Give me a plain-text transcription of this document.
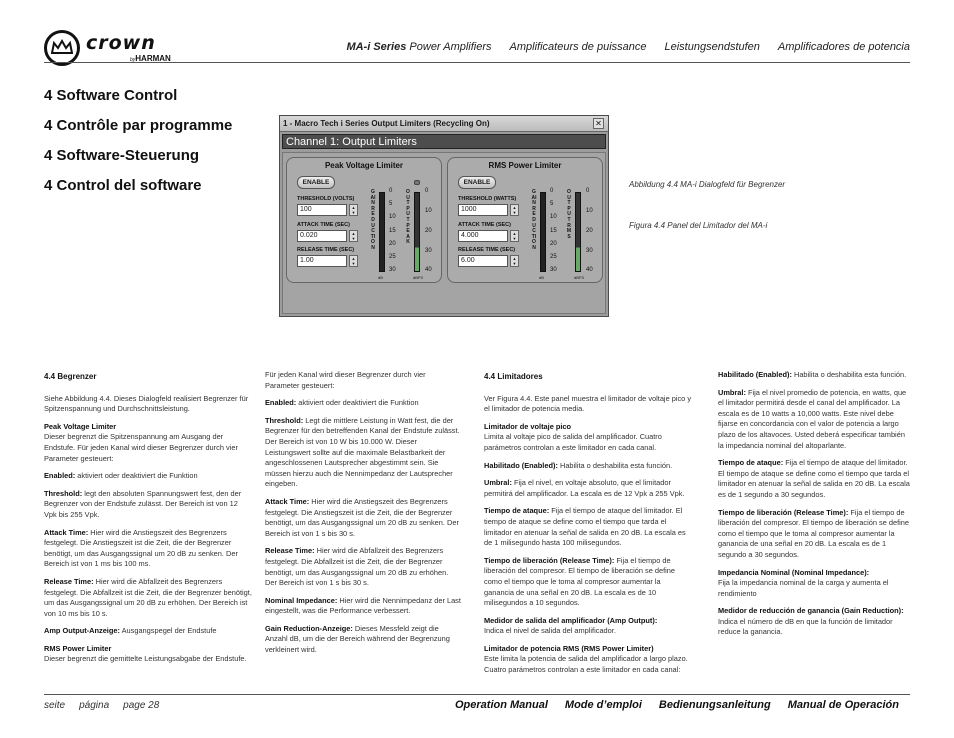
crown
byHARMAN
MA-i Series Power Amplifiers Amplificateurs de puissance Leistungsendstufen Amplificadores de potencia
4 Software Control
4 Contrôle par programme
4 Software-Steuerung
4 Control del software
1 - Macro Tech i Series Output Limiters (Recycling On)	✕
Channel 1: Output Limiters
Peak Voltage Limiter
ENABLE
THRESHOLD (VOLTS)
100	▲
▼
ATTACK TIME (SEC)
0.020	▲
▼
RELEASE TIME (SEC)
1.00	▲
▼
GAIN REDUCTION
0
5
10
15
20
25
30
dB
OUTPUT PEAK
0
10
20
30
40
dBFS
RMS Power Limiter
ENABLE
THRESHOLD (WATTS)
1000	▲
▼
ATTACK TIME (SEC)
4.000	▲
▼
RELEASE TIME (SEC)
6.00	▲
▼
GAIN REDUCTION
0
5
10
15
20
25
30
dB
OUTPUT RMS
0
10
20
30
40
dBFS
Abbildung 4.4 MA-i Dialogfeld für Begrenzer
Figura 4.4 Panel del Limitador del MA-i

4.4 Begrenzer

Siehe Abbildung 4.4. Dieses Dialogfeld realisiert Begrenzer für Spitzenspannung und Durchschnittsleistung.

Peak Voltage Limiter
Dieser begrenzt die Spitzenspannung am Ausgang der Endstufe. Für jeden Kanal wird dieser Begrenzer durch vier Parameter gesteuert:

Enabled: aktiviert oder deaktiviert die Funktion

Threshold: legt den absoluten Spannungswert fest, den der Begrenzer von der Endstufe zulässt. Der Bereich ist von 12 Vpk bis 255 Vpk.

Attack Time: Hier wird die Anstiegszeit des Begrenzers festgelegt. Die Anstiegszeit ist die Zeit, die der Begrenzer benötigt, um das Ausgangssignal um 20 dB zu senken. Der Bereich ist von 1 ms bis 100 ms.

Release Time: Hier wird die Abfallzeit des Begrenzers festgelegt. Die Abfallzeit ist die Zeit, die der Begrenzer benötigt, um das Ausgangssignal um 20 dB zu erhöhen. Der Bereich ist von 10 ms bis 10 s.

Amp Output-Anzeige: Ausgangspegel der Endstufe

RMS Power Limiter
Dieser begrenzt die gemittelte Leistungsabgabe der Endstufe.

Für jeden Kanal wird dieser Begrenzer durch vier Parameter gesteuert:

Enabled: aktiviert oder deaktiviert die Funktion

Threshold: Legt die mittlere Leistung in Watt fest, die der Begrenzer für den betreffenden Kanal der Endstufe zulässt. Der Bereich ist von 10 W bis 10.000 W. Dieser Leistungswert sollte auf die maximale Belastbarkeit der angeschlossenen Lautsprecher abgestimmt sein. Sie müssen hierzu auch die Nennimpedanz der Lautsprecher eingeben.

Attack Time: Hier wird die Anstiegszeit des Begrenzers festgelegt. Die Anstiegszeit ist die Zeit, die der Begrenzer benötigt, um das Ausgangssignal um 20 dB zu senken. Der Bereich ist von 1 s bis 30 s.

Release Time: Hier wird die Abfallzeit des Begrenzers festgelegt. Die Abfallzeit ist die Zeit, die der Begrenzer benötigt, um das Ausgangssignal um 20 dB zu erhöhen. Der Bereich ist von 1 s bis 30 s.

Nominal Impedance: Hier wird die Nennimpedanz der Last eingestellt, was die Performance verbessert.

Gain Reduction-Anzeige: Dieses Messfeld zeigt die Anzahl dB, um die der Bereich während der Begrenzung verkleinert wird.

4.4 Limitadores

Ver Figura 4.4. Este panel muestra el limitador de voltaje pico y el limitador de potencia media.

Limitador de voltaje pico
Limita al voltaje pico de salida del amplificador. Cuatro parámetros controlan a este limitador en cada canal.

Habilitado (Enabled): Habilita o deshabilita esta función.

Umbral: Fija el nivel, en voltaje absoluto, que el limitador permitirá del amplificador. La escala es de 12 Vpk a 255 Vpk.

Tiempo de ataque: Fija el tiempo de ataque del limitador. El tiempo de ataque se define como el tiempo que tarda el limitador en atenuar la señal de salida en 20 dB. La escala es de 1 milisegundo hasta 100 milisegundos.

Tiempo de liberación (Release Time): Fija el tiempo de liberación del compresor. El tiempo de liberación se define como el tiempo que le toma al compresor aumentar la ganancia de una señal en 20 dB. La escala es de 10 milisegundos a 10 segundos.

Medidor de salida del amplificador (Amp Output):
Indica el nivel de salida del amplificador.

Limitador de potencia RMS (RMS Power Limiter)
Este limita la potencia de salida del amplificador a largo plazo. Cuatro parámetros controlan a este limitador en cada canal:

Habilitado (Enabled): Habilita o deshabilita esta función.

Umbral: Fija el nivel promedio de potencia, en watts, que el limitador permitirá desde el canal del amplificador. La escala es de 10 watts a 10,000 watts. Este nivel debe fijarse en concordancia con el valor de potencia a largo plazo de los altavoces. Usted deberá especificar también la impedancia nominal del altoparlante.

Tiempo de ataque: Fija el tiempo de ataque del limitador. El tiempo de ataque se define como el tiempo que tarda el limitador en atenuar la señal de salida en 20 dB. La escala es de 1 segundo a 30 segundos.

Tiempo de liberación (Release Time): Fija el tiempo de liberación del compresor. El tiempo de liberación se define como el tiempo que le toma al compresor aumentar la ganancia de una señal en 20 dB. La escala es de 1 segundo a 30 segundos.

Impedancia Nominal (Nominal Impedance):
Fija la impedancia nominal de la carga y aumenta el rendimiento

Medidor de reducción de ganancia (Gain Reduction): Indica el número de dB en que la función de limitador reduce la ganancia.

seite página page 28	Operation Manual Mode d’emploi Bedienungsanleitung Manual de Operación
